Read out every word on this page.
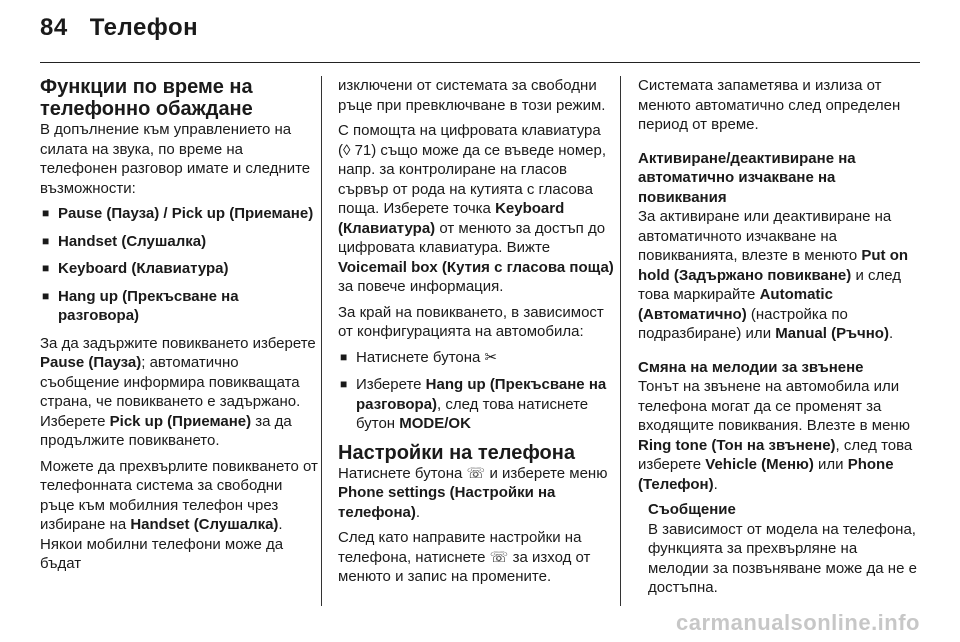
84 Телефон
Функции по време на телефонно обаждане

В допълнение към управлението на силата на звука, по време на телефонен разговор имате и следните възможности:

■ Pause (Пауза) / Pick up (Приемане)
■ Handset (Слушалка)
■ Keyboard (Клавиатура)
■ Hang up (Прекъсване на разговора)

За да задържите повикването изберете Pause (Пауза); автоматично съобщение информира повикващата страна, че повикването е задържано. Изберете Pick up (Приемане) за да продължите повикването.

Можете да прехвърлите повикването от телефонната система за свободни ръце към мобилния телефон чрез избиране на Handset (Слушалка). Някои мобилни телефони може да бъдат

изключени от системата за свободни ръце при превключване в този режим.

С помощта на цифровата клавиатура (◊ 71) също може да се въведе номер, напр. за контролиране на гласов сървър от рода на кутията с гласова поща. Изберете точка Keyboard (Клавиатура) от менюто за достъп до цифровата клавиатура. Вижте Voicemail box (Кутия с гласова поща) за повече информация.

За край на повикването, в зависимост от конфигурацията на автомобила:

■ Натиснете бутона ✂
■ Изберете Hang up (Прекъсване на разговора), след това натиснете бутон MODE/OK
Настройки на телефона

Натиснете бутона ☏ и изберете меню Phone settings (Настройки на телефона).

След като направите настройки на телефона, натиснете ☏ за изход от менюто и запис на промените.

Системата запаметява и излиза от менюто автоматично след определен период от време.

Активиране/деактивиране на автоматично изчакване на повиквания

За активиране или деактивиране на автоматичното изчакване на повикванията, влезте в менюто Put on hold (Задържано повикване) и след това маркирайте Automatic (Автоматично) (настройка по подразбиране) или Manual (Ръчно).

Смяна на мелодии за звънене

Тонът на звънене на автомобила или телефона могат да се променят за входящите повиквания. Влезте в меню Ring tone (Тон на звънене), след това изберете Vehicle (Меню) или Phone (Телефон).

Съобщение

В зависимост от модела на телефона, функцията за прехвърляне на мелодии за позвъняване може да не е достъпна.

carmanualsonline.info
